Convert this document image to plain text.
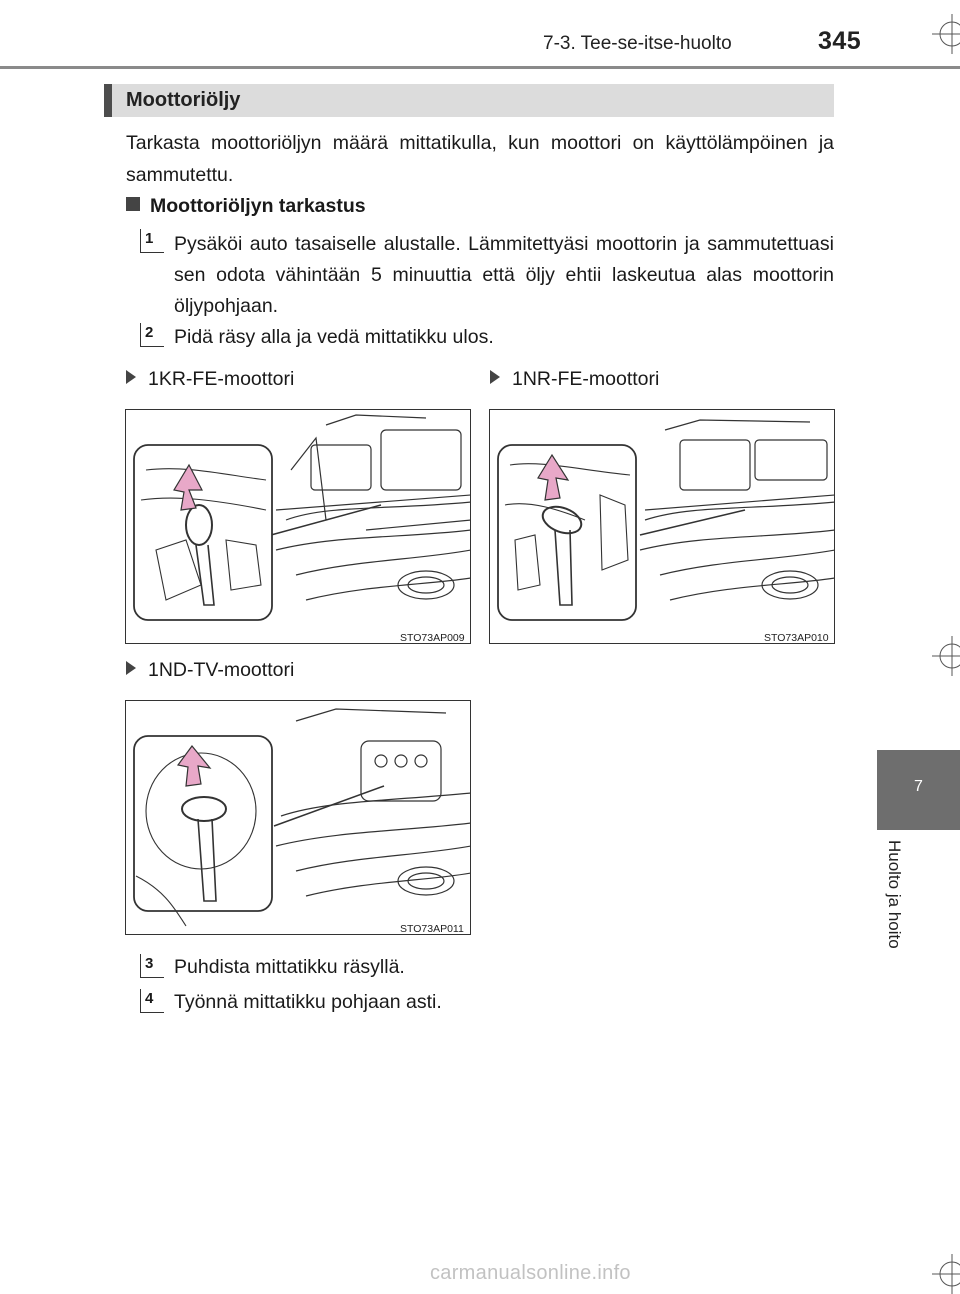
7-3. Tee-se-itse-huolto	345
Moottoriöljy
Tarkasta moottoriöljyn määrä mittatikulla, kun moottori on käyttölämpöinen ja sammutettu.
Moottoriöljyn tarkastus
1	Pysäköi auto tasaiselle alustalle. Lämmitettyäsi moottorin ja sammutettuasi sen odota vähintään 5 minuuttia että öljy ehtii laskeutua alas moottorin öljypohjaan.
2	Pidä räsy alla ja vedä mittatikku ulos.
1KR-FE-moottori	1NR-FE-moottori
STO73AP009	STO73AP010
1ND-TV-moottori
STO73AP011
3	Puhdista mittatikku räsyllä.
4	Työnnä mittatikku pohjaan asti.
7
Huolto ja hoito
carmanualsonline.info
